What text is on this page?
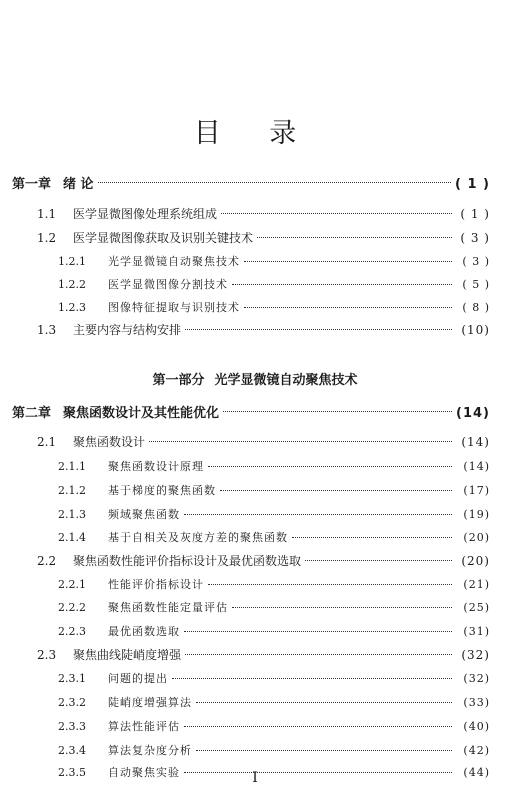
目 录
第一部分 光学显微镜自动聚焦技术
第一章 绪 论	( 1 )
1.1	医学显微图像处理系统组成	( 1 )
1.2	医学显微图像获取及识别关键技术	( 3 )
1.2.1	光学显微镜自动聚焦技术	( 3 )
1.2.2	医学显微图像分割技术	( 5 )
1.2.3	图像特征提取与识别技术	( 8 )
1.3	主要内容与结构安排	(10)
第二章 聚焦函数设计及其性能优化	(14)
2.1	聚焦函数设计	(14)
2.1.1	聚焦函数设计原理	(14)
2.1.2	基于梯度的聚焦函数	(17)
2.1.3	频域聚焦函数	(19)
2.1.4	基于自相关及灰度方差的聚焦函数	(20)
2.2	聚焦函数性能评价指标设计及最优函数选取	(20)
2.2.1	性能评价指标设计	(21)
2.2.2	聚焦函数性能定量评估	(25)
2.2.3	最优函数选取	(31)
2.3	聚焦曲线陡峭度增强	(32)
2.3.1	问题的提出	(32)
2.3.2	陡峭度增强算法	(33)
2.3.3	算法性能评估	(40)
2.3.4	算法复杂度分析	(42)
2.3.5	自动聚焦实验	(44)
I
